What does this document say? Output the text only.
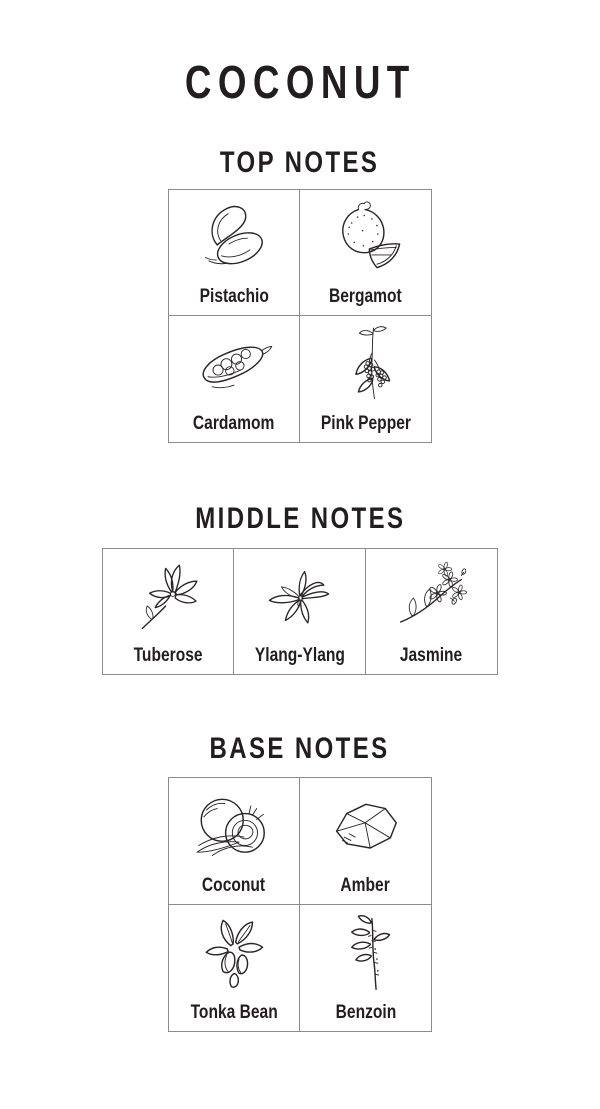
COCONUT
TOP NOTES
Pistachio	Bergamot
Cardamom	Pink Pepper
MIDDLE NOTES
Tuberose	Ylang-Ylang	Jasmine
BASE NOTES
Coconut	Amber
Tonka Bean	Benzoin
